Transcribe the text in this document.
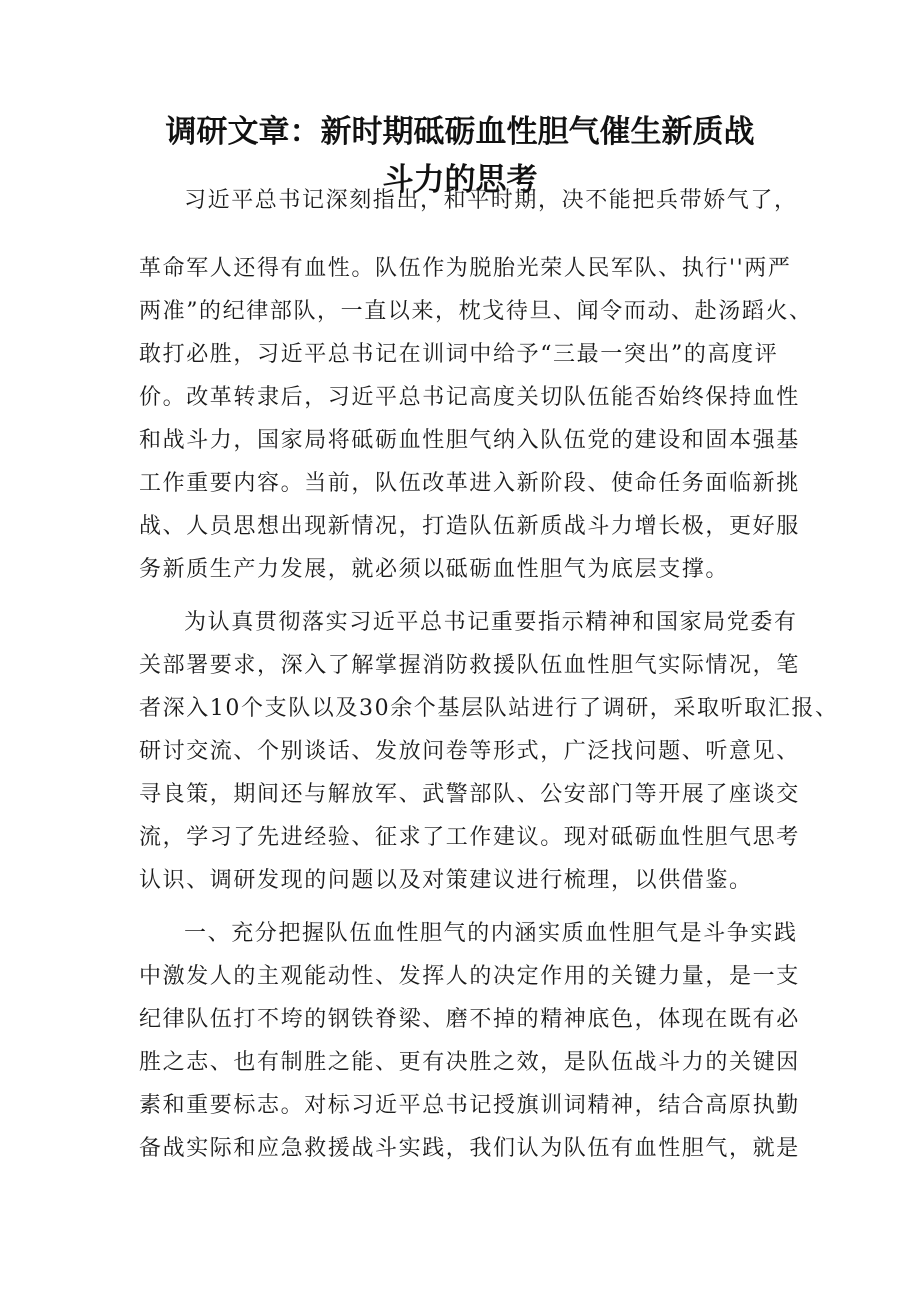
调研文章：新时期砥砺血性胆气催生新质战
斗力的思考

习近平总书记深刻指出，和平时期，决不能把兵带娇气了，

革命军人还得有血性。队伍作为脱胎光荣人民军队、执行''两严

两准”的纪律部队，一直以来，枕戈待旦、闻令而动、赴汤蹈火、

敢打必胜，习近平总书记在训词中给予“三最一突出”的高度评

价。改革转隶后，习近平总书记高度关切队伍能否始终保持血性

和战斗力，国家局将砥砺血性胆气纳入队伍党的建设和固本强基

工作重要内容。当前，队伍改革进入新阶段、使命任务面临新挑

战、人员思想出现新情况，打造队伍新质战斗力增长极，更好服

务新质生产力发展，就必须以砥砺血性胆气为底层支撑。

为认真贯彻落实习近平总书记重要指示精神和国家局党委有

关部署要求，深入了解掌握消防救援队伍血性胆气实际情况，笔

者深入10个支队以及30余个基层队站进行了调研，采取听取汇报、

研讨交流、个别谈话、发放问卷等形式，广泛找问题、听意见、

寻良策，期间还与解放军、武警部队、公安部门等开展了座谈交

流，学习了先进经验、征求了工作建议。现对砥砺血性胆气思考

认识、调研发现的问题以及对策建议进行梳理，以供借鉴。

一、充分把握队伍血性胆气的内涵实质血性胆气是斗争实践

中激发人的主观能动性、发挥人的决定作用的关键力量，是一支

纪律队伍打不垮的钢铁脊梁、磨不掉的精神底色，体现在既有必

胜之志、也有制胜之能、更有决胜之效，是队伍战斗力的关键因

素和重要标志。对标习近平总书记授旗训词精神，结合高原执勤

备战实际和应急救援战斗实践，我们认为队伍有血性胆气，就是
